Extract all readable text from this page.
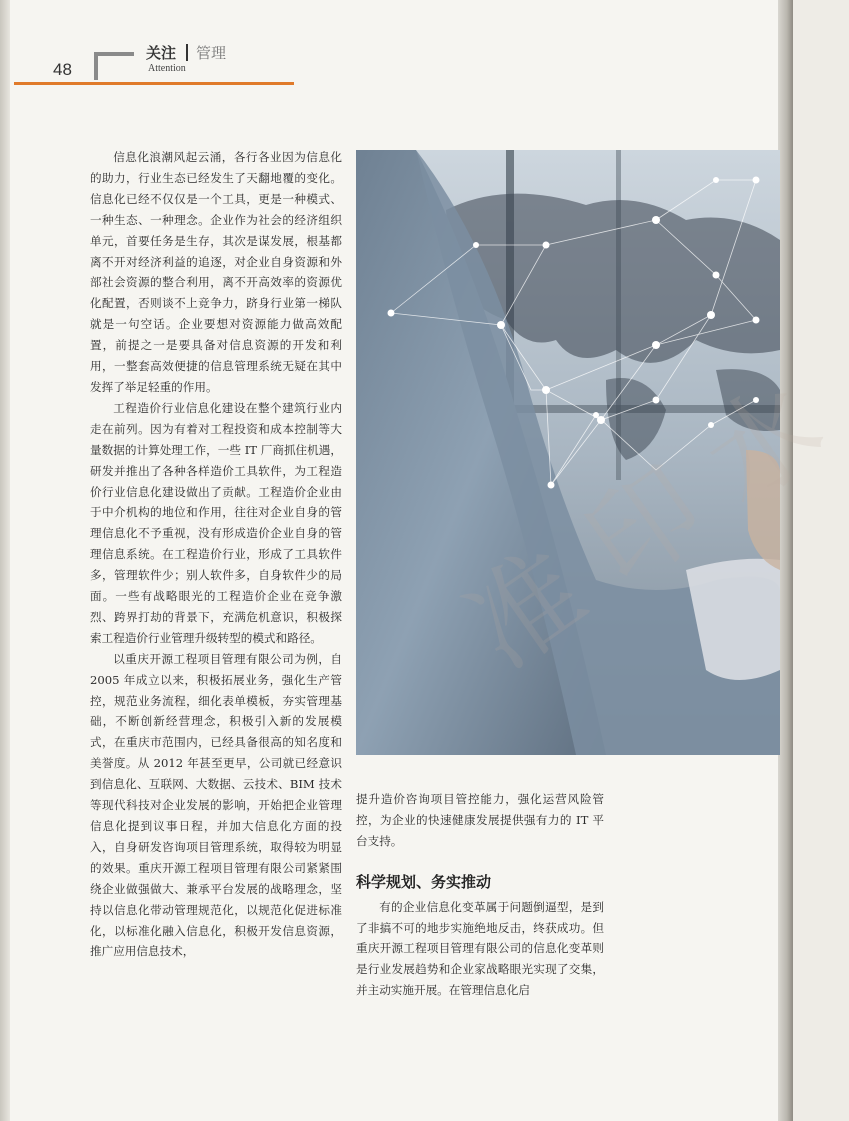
48
关注 管理
Attention

信息化浪潮风起云涌，各行各业因为信息化的助力，行业生态已经发生了天翻地覆的变化。信息化已经不仅仅是一个工具，更是一种模式、一种生态、一种理念。企业作为社会的经济组织单元，首要任务是生存，其次是谋发展，根基都离不开对经济利益的追逐，对企业自身资源和外部社会资源的整合利用，离不开高效率的资源优化配置，否则谈不上竞争力，跻身行业第一梯队就是一句空话。企业要想对资源能力做高效配置，前提之一是要具备对信息资源的开发和利用，一整套高效便捷的信息管理系统无疑在其中发挥了举足轻重的作用。

工程造价行业信息化建设在整个建筑行业内走在前列。因为有着对工程投资和成本控制等大量数据的计算处理工作，一些 IT 厂商抓住机遇，研发并推出了各种各样造价工具软件，为工程造价行业信息化建设做出了贡献。工程造价企业由于中介机构的地位和作用，往往对企业自身的管理信息化不予重视，没有形成造价企业自身的管理信息系统。在工程造价行业，形成了工具软件多，管理软件少；别人软件多，自身软件少的局面。一些有战略眼光的工程造价企业在竞争激烈、跨界打劫的背景下，充满危机意识，积极探索工程造价行业管理升级转型的模式和路径。

以重庆开源工程项目管理有限公司为例，自 2005 年成立以来，积极拓展业务，强化生产管控，规范业务流程，细化表单模板，夯实管理基础，不断创新经营理念，积极引入新的发展模式，在重庆市范围内，已经具备很高的知名度和美誉度。从 2012 年甚至更早，公司就已经意识到信息化、互联网、大数据、云技术、BIM 技术等现代科技对企业发展的影响，开始把企业管理信息化提到议事日程，并加大信息化方面的投入，自身研发咨询项目管理系统，取得较为明显的效果。重庆开源工程项目管理有限公司紧紧围绕企业做强做大、兼承平台发展的战略理念，坚持以信息化带动管理规范化，以规范化促进标准化，以标准化融入信息化，积极开发信息资源，推广应用信息技术，

提升造价咨询项目管控能力，强化运营风险管控，为企业的快速健康发展提供强有力的 IT 平台支持。

科学规划、务实推动

有的企业信息化变革属于问题倒逼型，是到了非搞不可的地步实施绝地反击，终获成功。但重庆开源工程项目管理有限公司的信息化变革则是行业发展趋势和企业家战略眼光实现了交集，并主动实施开展。在管理信息化启
